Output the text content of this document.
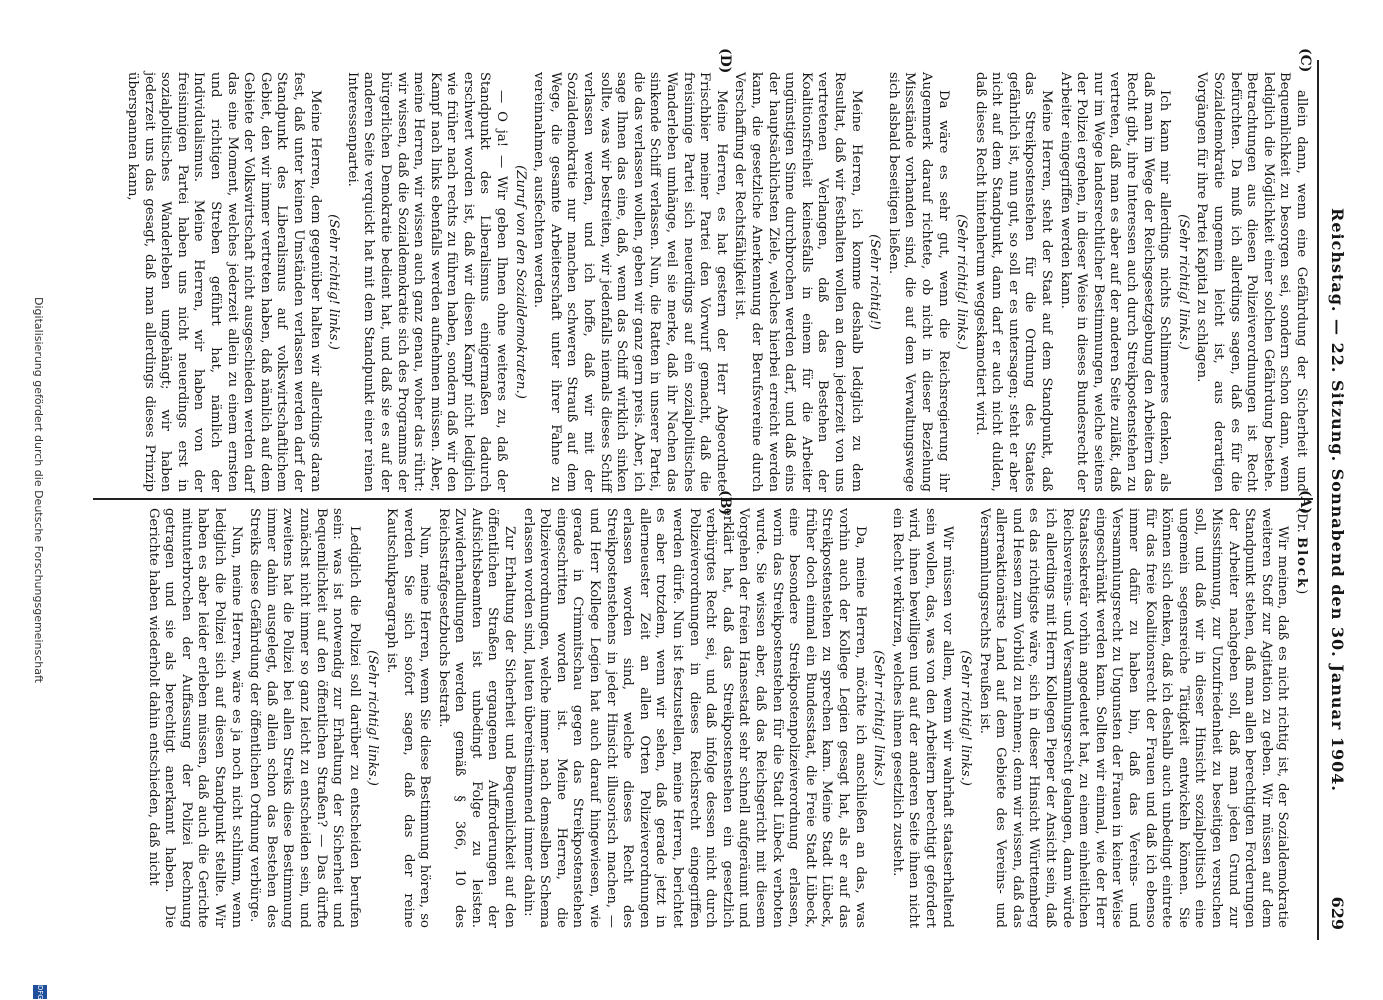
Reichstag. — 22. Sitzung. Sonnabend den 30. Januar 1904.
629
(A)
(B)
(C)
(D)

(Dr. Block)

Wir meinen, daß es nicht richtig ist, der Sozialdemokratie weiteren Stoff zur Agitation zu geben. Wir müssen auf dem Standpunkt stehen, daß man allen berechtigten Forderungen der Arbeiter nachgeben soll, daß man jeden Grund zur Missstimmung, zur Unzufriedenheit zu beseitigen versuchen soll, und daß wir in dieser Hinsicht sozialpolitisch eine ungemein segensreiche Tätigkeit entwickeln können. Sie können sich denken, daß ich deshalb auch unbedingt eintrete für das freie Koalitionsrecht der Frauen und daß ich ebenso immer dafür zu haben bin, daß das Vereins- und Versammlungsrecht zu Ungunsten der Frauen in keiner Weise eingeschränkt werden kann. Sollten wir einmal, wie der Herr Staatssekretär vorhin angedeutet hat, zu einem einheitlichen Reichsvereins- und Versammlungsrecht gelangen, dann würde ich allerdings mit Herrn Kollegen Pieper der Ansicht sein, daß es das richtigste wäre, sich in dieser Hinsicht Württemberg und Hessen zum Vorbild zu nehmen; denn wir wissen, daß das allerreaktionärste Land auf dem Gebiete des Vereins- und Versammlungsrechts Preußen ist.

(Sehr richtig! links.)

Wir müssen vor allem, wenn wir wahrhaft staatserhaltend sein wollen, das, was von den Arbeitern berechtigt gefordert wird, ihnen bewilligen und auf der anderen Seite ihnen nicht ein Recht verkürzen, welches ihnen gesetzlich zusteht.

(Sehr richtig! links.)

Da, meine Herren, möchte ich anschließen an das, was vorhin auch der Kollege Legien gesagt hat, als er auf das Streikpostenstehen zu sprechen kam. Meine Stadt Lübeck, früher doch einmal ein Bundesstaat, die Freie Stadt Lübeck, eine besondere Streikpostenpolizeiverordnung erlassen, worin das Streikpostenstehen für die Stadt Lübeck verboten wurde. Sie wissen aber, daß das Reichsgericht mit diesem Vorgehen der freien Hansestadt sehr schnell aufgeräumt und erklärt hat, daß das Streikpostenstehen ein gesetzlich verbürgtes Recht sei, und daß infolge dessen nicht durch Polizeiverordnungen in dieses Reichsrecht eingegriffen werden dürfe. Nun ist festzustellen, meine Herren, berichtet es aber trotzdem, wenn wir sehen, daß gerade jetzt in allerneuester Zeit an allen Orten Polizeiverordnungen erlassen worden sind, welche dieses Recht des Streikpostenstehens in jeder Hinsicht illusorisch machen, — und Herr Kollege Legien hat auch darauf hingewiesen, wie gerade in Crimmitschau gegen das Streikpostenstehen eingeschritten worden ist. Meine Herren, die Polizeiverordnungen, welche immer nach demselben Schema erlassen worden sind, lauten übereinstimmend immer dahin:

Zur Erhaltung der Sicherheit und Bequemlichkeit auf den öffentlichen Straßen ergangenen Aufforderungen der Aufsichtsbeamten ist unbedingt Folge zu leisten. Zuwiderhandlungen werden gemäß § 366, 10 des Reichsstrafgesetzbuchs bestraft.

Nun, meine Herren, wenn Sie diese Bestimmung hören, so werden Sie sich sofort sagen, daß das der reine Kautschukparagraph ist.

(Sehr richtig! links.)

Lediglich die Polizei soll darüber zu entscheiden berufen sein: was ist notwendig zur Erhaltung der Sicherheit und Bequemlichkeit auf den öffentlichen Straßen? — Das dürfte zunächst nicht immer so ganz leicht zu entscheiden sein, und zweitens hat die Polizei bei allen Streiks diese Bestimmung immer dahin ausgelegt, daß allein schon das Bestehen des Streiks diese Gefährdung der öffentlichen Ordnung verbürge.

Nun, meine Herren, wäre es ja noch nicht schlimm, wenn lediglich die Polizei sich auf diesen Standpunkt stellte. Wir haben es aber leider erleben müssen, daß auch die Gerichte mitunterbrochen der Auffassung der Polizei Rechnung getragen und sie als berechtigt anerkannt haben. Die Gerichte haben wiederholt dahin entschieden, daß nicht

allein dann, wenn eine Gefährdung der Sicherheit und Bequemlichkeit zu besorgen sei, sondern schon dann, wenn lediglich die Möglichkeit einer solchen Gefährdung bestehe. Betrachtungen aus diesen Polizeiverordnungen ist Recht befürchten. Da muß ich allerdings sagen, daß es für die Sozialdemokratie ungemein leicht ist, aus derartigen Vorgängen für ihre Partei Kapital zu schlagen.

(Sehr richtig! links.)

Ich kann mir allerdings nichts Schlimmeres denken, als daß man im Wege der Reichsgesetzgebung den Arbeitern das Recht gibt, ihre Interessen auch durch Streikpostenstehen zu vertreten, daß man es aber auf der anderen Seite zuläßt, daß nur im Wege landesrechtlicher Bestimmungen, welche seitens der Polizei ergehen, in dieser Weise in dieses Bundesrecht der Arbeiter eingegriffen werden kann.

Meine Herren, steht der Staat auf dem Standpunkt, daß das Streikpostenstehen für die Ordnung des Staates gefährlich ist, nun gut, so soll er es untersagen; steht er aber nicht auf dem Standpunkt, dann darf er auch nicht dulden, daß dieses Recht hintenherum weggeskamotiert wird.

(Sehr richtig! links.)

Da wäre es sehr gut, wenn die Reichsregierung ihr Augenmerk darauf richtete, ob nicht in dieser Beziehung Missstände vorhanden sind, die auf dem Verwaltungswege sich alsbald beseitigen ließen.

(Sehr richtig!)

Meine Herren, ich komme deshalb lediglich zu dem Resultat, daß wir festhalten wollen an dem jederzeit von uns vertretenen Verlangen, daß das Bestehen der Koalitionsfreiheit keinesfalls in einem für die Arbeiter ungünstigen Sinne durchbrochen werden darf, und daß eins der hauptsächlichsten Ziele, welches hierbei erreicht werden kann, die gesetzliche Anerkennung der Berufsvereine durch Verschaffung der Rechtsfähigkeit ist.

Meine Herren, es hat gestern der Herr Abgeordnete Frischbier meiner Partei den Vorwurf gemacht, daß die freisinnige Partei sich neuerdings auf ein sozialpolitisches Wanderleben umhänge, weil sie merke, daß ihr Nachen das sinkende Schiff verlassen. Nun, die Ratten in unserer Partei, die das verlassen wollen, geben wir ganz gern preis. Aber, ich sage Ihnen das eine, daß, wenn das Schiff wirklich sinken sollte, was wir bestreiten, wir jedenfalls niemals dieses Schiff verlassen werden, und ich hoffe, daß wir mit der Sozialdemokratie nur manchen schweren Strauß auf dem Wege, die gesamte Arbeiterschaft unter ihrer Fahne zu vereinnahmen, ausfechten werden.

(Zuruf von den Sozialdemokraten.)

— O ja! — Wir geben Ihnen ohne weiteres zu, daß der Standpunkt des Liberalismus einigermaßen dadurch erschwert worden ist, daß wir diesen Kampf nicht lediglich wie früher nach rechts zu führen haben, sondern daß wir den Kampf nach links ebenfalls werden aufnehmen müssen. Aber, meine Herren, wir wissen auch ganz genau, woher das rührt: wir wissen, daß die Sozialdemokratie sich des Programms der bürgerlichen Demokratie bedient hat, und daß sie es auf der anderen Seite verquickt hat mit dem Standpunkt einer reinen Interessenpartei.

(Sehr richtig! links.)

Meine Herren, dem gegenüber halten wir allerdings daran fest, daß unter keinen Umständen verlassen werden darf der Standpunkt des Liberalismus auf volkswirtschaftlichem Gebiet, den wir immer vertreten haben, daß nämlich auf dem Gebiete der Volkswirtschaft nicht ausgeschieden werden darf das eine Moment, welches jederzeit allein zu einem ernsten und richtigen Streben geführt hat, nämlich der Individualismus. Meine Herren, wir haben von der freisinnigen Partei haben uns nicht neuerdings erst in sozialpolitisches Wanderleben umgehängt; wir haben jederzeit uns das gesagt, daß man allerdings dieses Prinzip überspannen kann,

Digitalisierung gefördert durch die Deutsche Forschungsgemeinschaft
DFG
